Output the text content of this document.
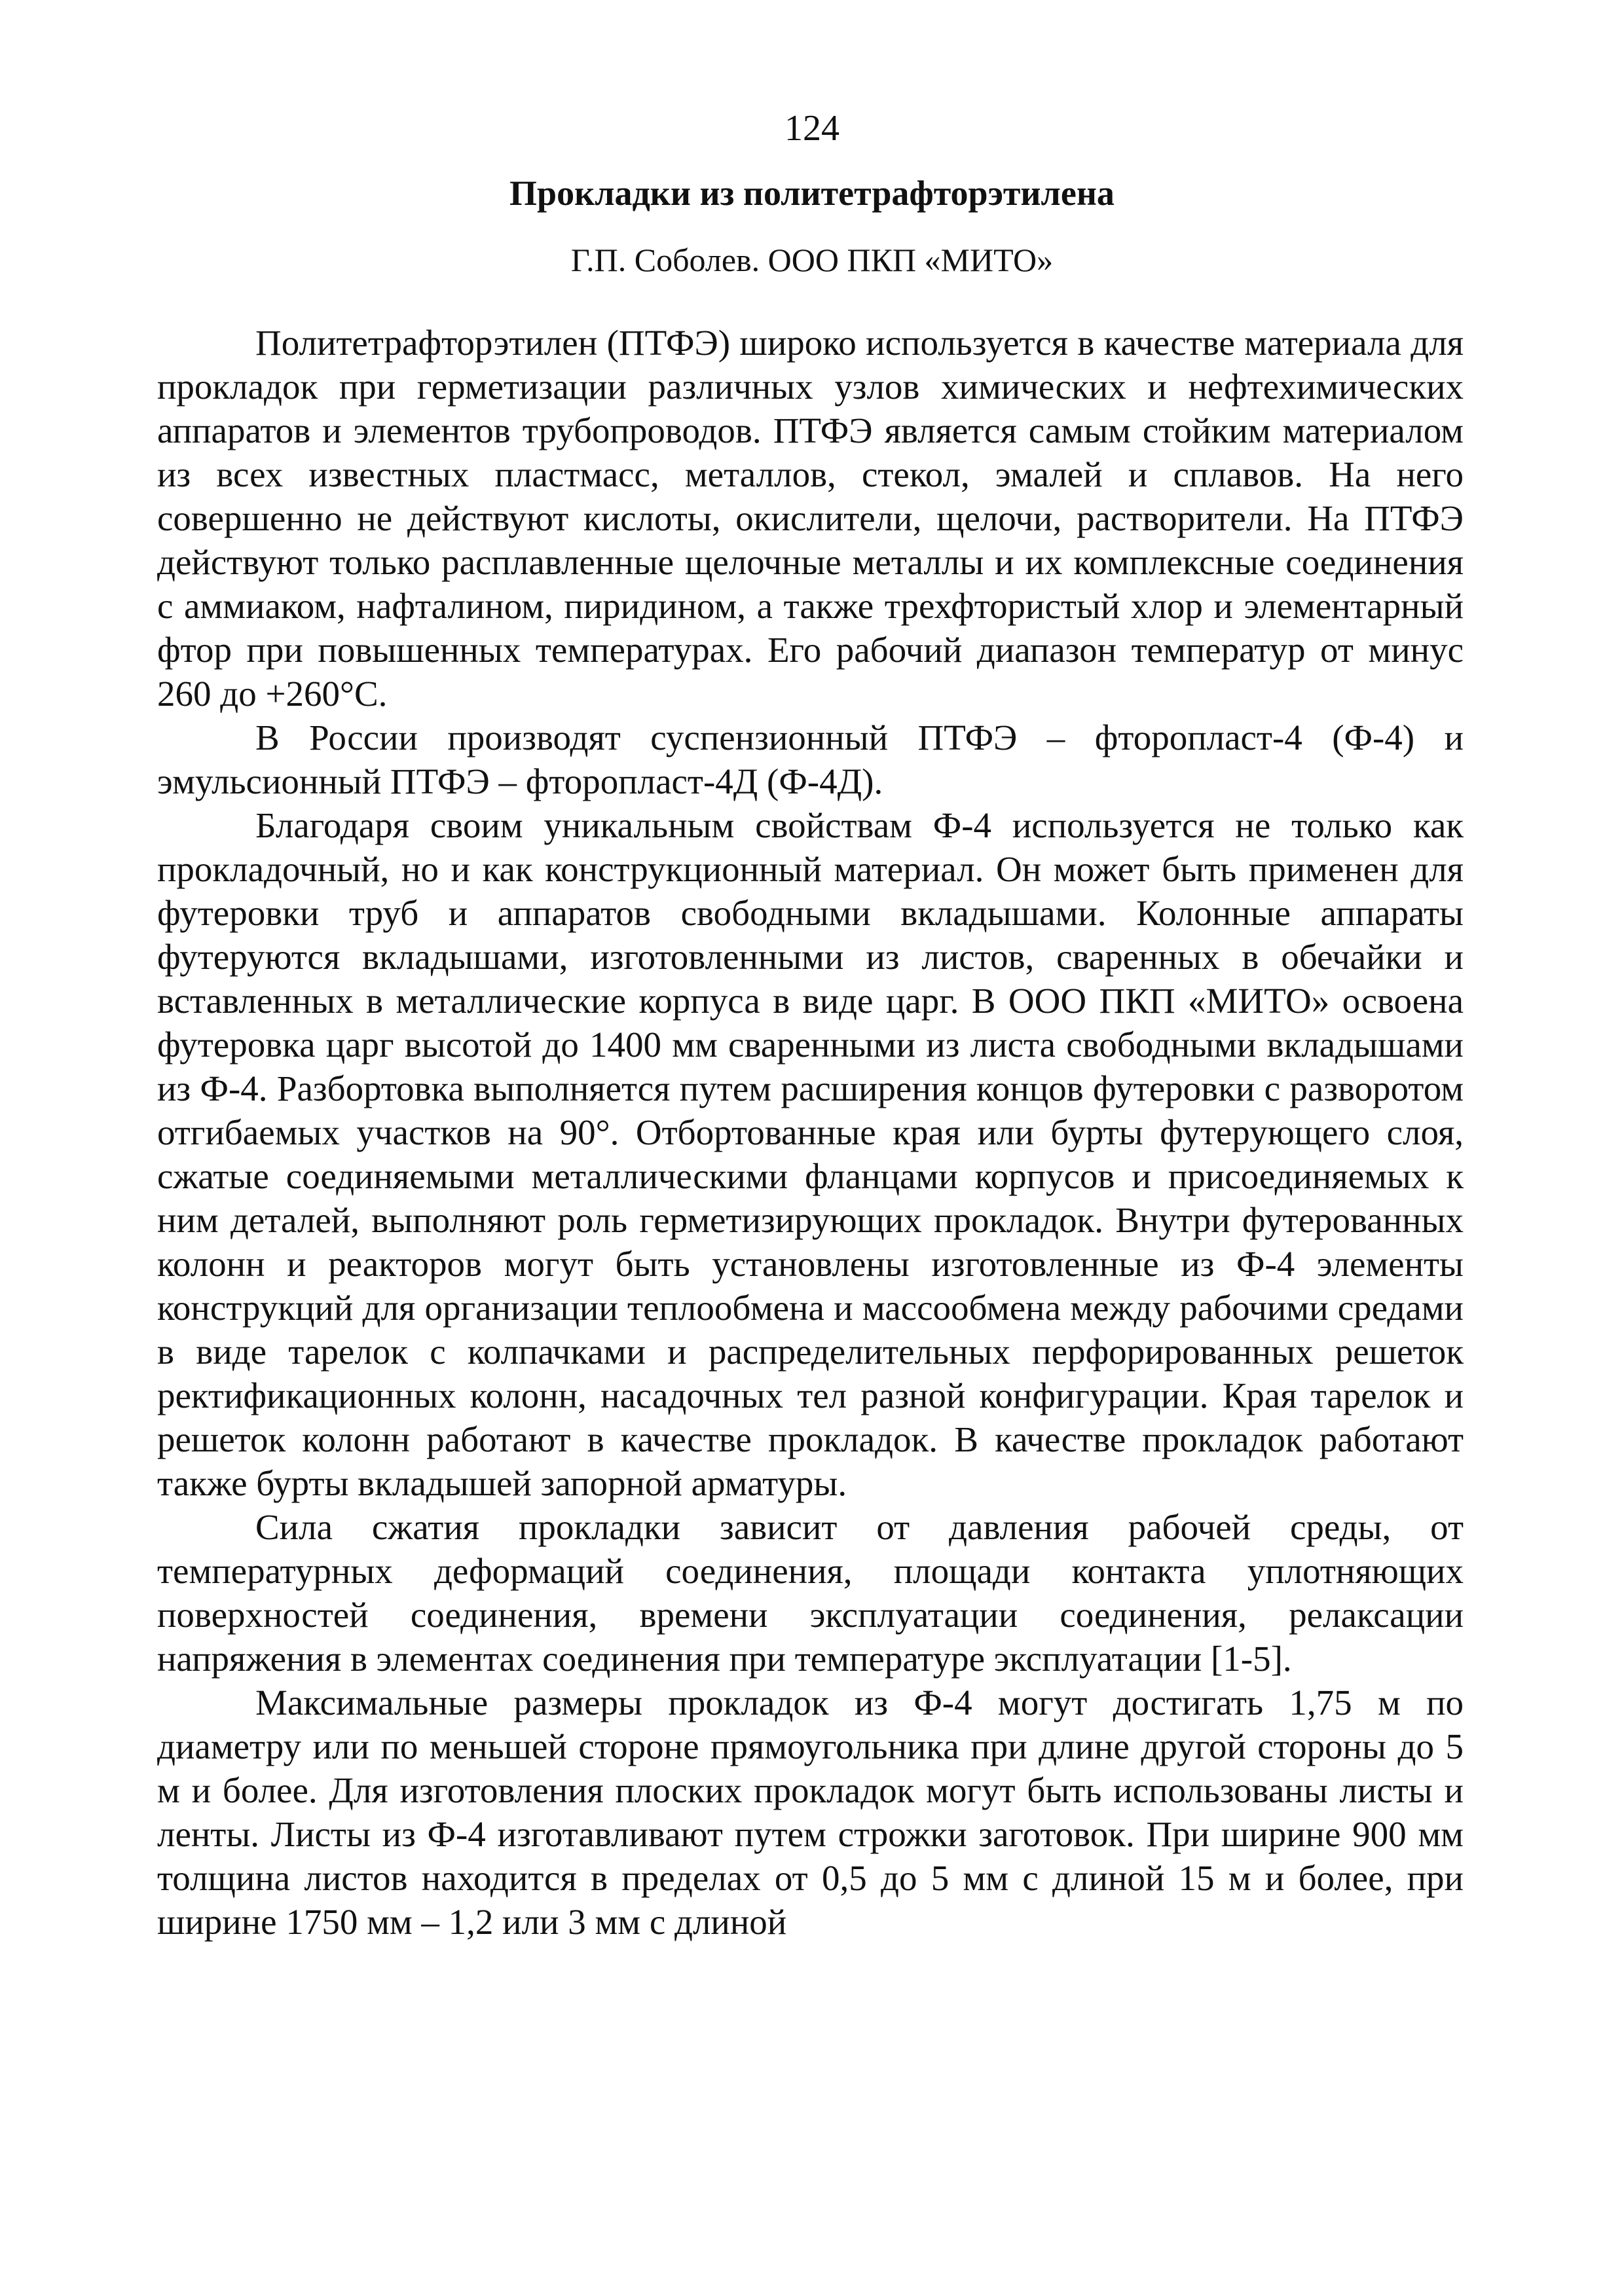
124
Прокладки из политетрафторэтилена
Г.П. Соболев. ООО ПКП «МИТО»

Политетрафторэтилен (ПТФЭ) широко используется в качестве материала для прокладок при герметизации различных узлов химических и нефтехимических аппаратов и элементов трубопроводов. ПТФЭ является самым стойким материалом из всех известных пластмасс, металлов, стекол, эмалей и сплавов. На него совершенно не действуют кислоты, окислители, щелочи, растворители. На ПТФЭ действуют только расплавленные щелочные металлы и их комплексные соединения с аммиаком, нафталином, пиридином, а также трехфтористый хлор и элементарный фтор при повышенных температурах. Его рабочий диапазон температур от минус 260 до +260°С.

В России производят суспензионный ПТФЭ – фторопласт-4 (Ф-4) и эмульсионный ПТФЭ – фторопласт-4Д (Ф-4Д).

Благодаря своим уникальным свойствам Ф-4 используется не только как прокладочный, но и как конструкционный материал. Он может быть применен для футеровки труб и аппаратов свободными вкладышами. Колонные аппараты футеруются вкладышами, изготовленными из листов, сваренных в обечайки и вставленных в металлические корпуса в виде царг. В ООО ПКП «МИТО» освоена футеровка царг высотой до 1400 мм сваренными из листа свободными вкладышами из Ф-4. Разбортовка выполняется путем расширения концов футеровки с разворотом отгибаемых участков на 90°. Отбортованные края или бурты футерующего слоя, сжатые соединяемыми металлическими фланцами корпусов и присоединяемых к ним деталей, выполняют роль герметизирующих прокладок. Внутри футерованных колонн и реакторов могут быть установлены изготовленные из Ф-4 элементы конструкций для организации теплообмена и массообмена между рабочими средами в виде тарелок с колпачками и распределительных перфорированных решеток ректификационных колонн, насадочных тел разной конфигурации. Края тарелок и решеток колонн работают в качестве прокладок. В качестве прокладок работают также бурты вкладышей запорной арматуры.

Сила сжатия прокладки зависит от давления рабочей среды, от температурных деформаций соединения, площади контакта уплотняющих поверхностей соединения, времени эксплуатации соединения, релаксации напряжения в элементах соединения при температуре эксплуатации [1-5].

Максимальные размеры прокладок из Ф-4 могут достигать 1,75 м по диаметру или по меньшей стороне прямоугольника при длине другой стороны до 5 м и более. Для изготовления плоских прокладок могут быть использованы листы и ленты. Листы из Ф-4 изготавливают путем строжки заготовок. При ширине 900 мм толщина листов находится в пределах от 0,5 до 5 мм с длиной 15 м и более, при ширине 1750 мм – 1,2 или 3 мм с длиной
